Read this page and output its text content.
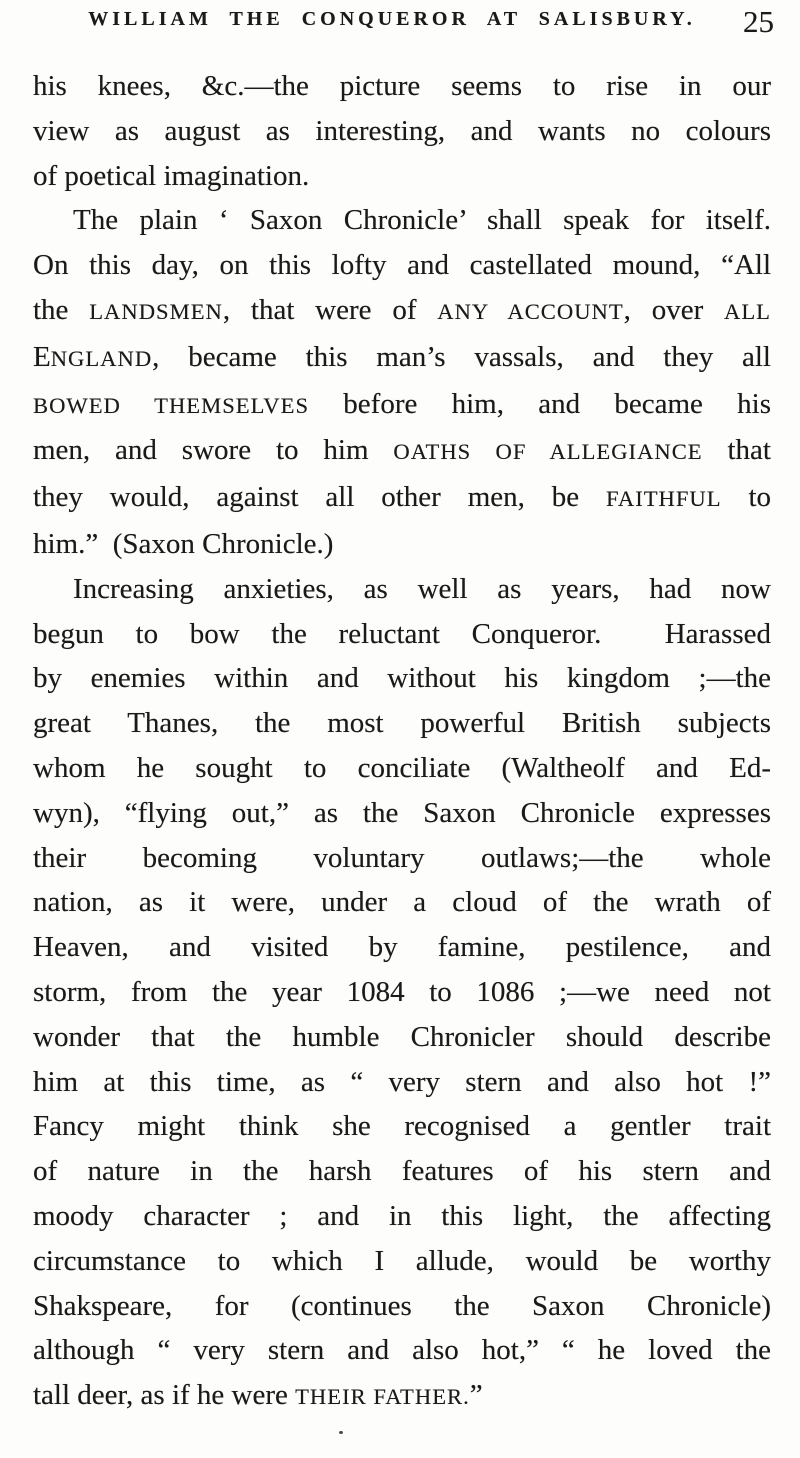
WILLIAM THE CONQUEROR AT SALISBURY.	25
his knees, &c.—the picture seems to rise in our
view as august as interesting, and wants no colours
of poetical imagination.
The plain ‘ Saxon Chronicle’ shall speak for itself.
On this day, on this lofty and castellated mound, “All
the LANDSMEN, that were of ANY ACCOUNT, over ALL
ENGLAND, became this man’s vassals, and they all
BOWED THEMSELVES before him, and became his
men, and swore to him OATHS OF ALLEGIANCE that
they would, against all other men, be FAITHFUL to
him.”  (Saxon Chronicle.)
Increasing anxieties, as well as years, had now
begun to bow the reluctant Conqueror.  Harassed
by enemies within and without his kingdom ;—the
great Thanes, the most powerful British subjects
whom he sought to conciliate (Waltheolf and Ed-
wyn), “flying out,” as the Saxon Chronicle expresses
their becoming voluntary outlaws;—the whole
nation, as it were, under a cloud of the wrath of
Heaven, and visited by famine, pestilence, and
storm, from the year 1084 to 1086 ;—we need not
wonder that the humble Chronicler should describe
him at this time, as “ very stern and also hot !”
Fancy might think she recognised a gentler trait
of nature in the harsh features of his stern and
moody character ; and in this light, the affecting
circumstance to which I allude, would be worthy
Shakspeare, for (continues the Saxon Chronicle)
although “ very stern and also hot,” “ he loved the
tall deer, as if he were THEIR FATHER.”
